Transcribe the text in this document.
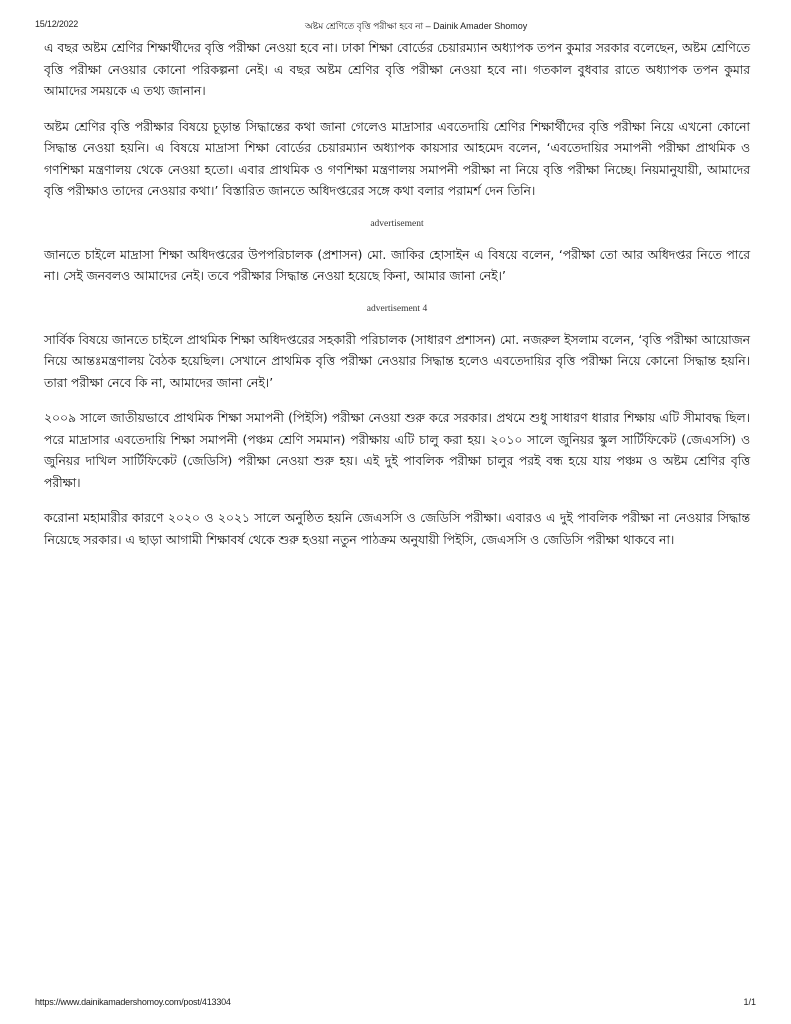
15/12/2022	অষ্টম শ্রেণিতে বৃত্তি পরীক্ষা হবে না – Dainik Amader Shomoy

এ বছর অষ্টম শ্রেণির শিক্ষার্থীদের বৃত্তি পরীক্ষা নেওয়া হবে না। ঢাকা শিক্ষা বোর্ডের চেয়ারম্যান অধ্যাপক তপন কুমার সরকার বলেছেন, অষ্টম শ্রেণিতে বৃত্তি পরীক্ষা নেওয়ার কোনো পরিকল্পনা নেই। এ বছর অষ্টম শ্রেণির বৃত্তি পরীক্ষা নেওয়া হবে না। গতকাল বুধবার রাতে অধ্যাপক তপন কুমার আমাদের সময়কে এ তথ্য জানান।

অষ্টম শ্রেণির বৃত্তি পরীক্ষার বিষয়ে চূড়ান্ত সিদ্ধান্তের কথা জানা গেলেও মাদ্রাসার এবতেদায়ি শ্রেণির শিক্ষার্থীদের বৃত্তি পরীক্ষা নিয়ে এখনো কোনো সিদ্ধান্ত নেওয়া হয়নি। এ বিষয়ে মাদ্রাসা শিক্ষা বোর্ডের চেয়ারম্যান অধ্যাপক কায়সার আহমেদ বলেন, ‘এবতেদায়ির সমাপনী পরীক্ষা প্রাথমিক ও গণশিক্ষা মন্ত্রণালয় থেকে নেওয়া হতো। এবার প্রাথমিক ও গণশিক্ষা মন্ত্রণালয় সমাপনী পরীক্ষা না নিয়ে বৃত্তি পরীক্ষা নিচ্ছে। নিয়মানুযায়ী, আমাদের বৃত্তি পরীক্ষাও তাদের নেওয়ার কথা।’ বিস্তারিত জানতে অধিদপ্তরের সঙ্গে কথা বলার পরামর্শ দেন তিনি।

advertisement

জানতে চাইলে মাদ্রাসা শিক্ষা অধিদপ্তরের উপপরিচালক (প্রশাসন) মো. জাকির হোসাইন এ বিষয়ে বলেন, ‘পরীক্ষা তো আর অধিদপ্তর নিতে পারে না। সেই জনবলও আমাদের নেই। তবে পরীক্ষার সিদ্ধান্ত নেওয়া হয়েছে কিনা, আমার জানা নেই।’

advertisement 4

সার্বিক বিষয়ে জানতে চাইলে প্রাথমিক শিক্ষা অধিদপ্তরের সহকারী পরিচালক (সাধারণ প্রশাসন) মো. নজরুল ইসলাম বলেন, ‘বৃত্তি পরীক্ষা আয়োজন নিয়ে আন্তঃমন্ত্রণালয় বৈঠক হয়েছিল। সেখানে প্রাথমিক বৃত্তি পরীক্ষা নেওয়ার সিদ্ধান্ত হলেও এবতেদায়ির বৃত্তি পরীক্ষা নিয়ে কোনো সিদ্ধান্ত হয়নি। তারা পরীক্ষা নেবে কি না, আমাদের জানা নেই।’

২০০৯ সালে জাতীয়ভাবে প্রাথমিক শিক্ষা সমাপনী (পিইসি) পরীক্ষা নেওয়া শুরু করে সরকার। প্রথমে শুধু সাধারণ ধারার শিক্ষায় এটি সীমাবদ্ধ ছিল। পরে মাদ্রাসার এবতেদায়ি শিক্ষা সমাপনী (পঞ্চম শ্রেণি সমমান) পরীক্ষায় এটি চালু করা হয়। ২০১০ সালে জুনিয়র স্কুল সার্টিফিকেট (জেএসসি) ও জুনিয়র দাখিল সার্টিফিকেট (জেডিসি) পরীক্ষা নেওয়া শুরু হয়। এই দুই পাবলিক পরীক্ষা চালুর পরই বন্ধ হয়ে যায় পঞ্চম ও অষ্টম শ্রেণির বৃত্তি পরীক্ষা।

করোনা মহামারীর কারণে ২০২০ ও ২০২১ সালে অনুষ্ঠিত হয়নি জেএসসি ও জেডিসি পরীক্ষা। এবারও এ দুই পাবলিক পরীক্ষা না নেওয়ার সিদ্ধান্ত নিয়েছে সরকার। এ ছাড়া আগামী শিক্ষাবর্ষ থেকে শুরু হওয়া নতুন পাঠক্রম অনুযায়ী পিইসি, জেএসসি ও জেডিসি পরীক্ষা থাকবে না।

https://www.dainikamadershomoy.com/post/413304	1/1
